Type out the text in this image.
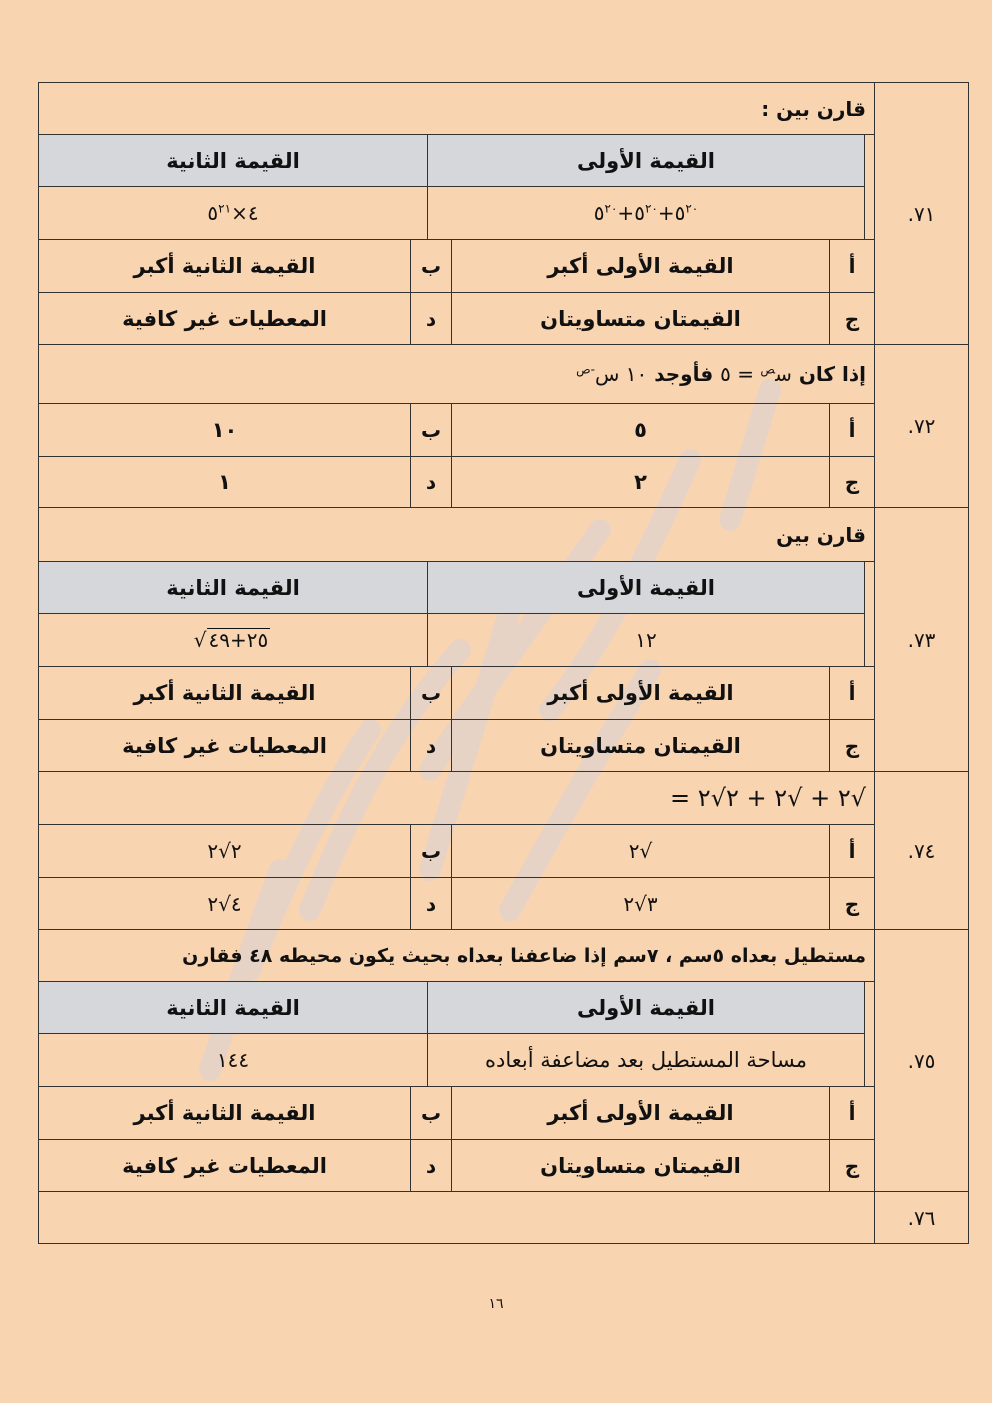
٧١.
قارن بين :
القيمة الأولى
القيمة الثانية
$٥^{٢٠}+٥^{٢٠}+٥^{٢٠}$
$٤\times ٥^{٢١}$
أ
القيمة الأولى أكبر
ب
القيمة الثانية أكبر
ج
القيمتان متساويتان
د
المعطيات غير كافية
٧٢.
إذا كان

س$^ص$ = ٥

فأوجد

١٠ س$^{-ص}$
أ
٥
ب
١٠
ج
٢
د
١
٧٣.
قارن بين
القيمة الأولى
القيمة الثانية
١٢
٢٥+٤٩√
أ
القيمة الأولى أكبر
ب
القيمة الثانية أكبر
ج
القيمتان متساويتان
د
المعطيات غير كافية
٧٤.
√٢ + √٢ + ٢√٢ =
أ
√٢
ب
٢√٢
ج
٣√٢
د
٤√٢
٧٥.
مستطيل بعداه ٥سم ، ٧سم إذا ضاعفنا بعداه بحيث يكون محيطه ٤٨ فقارن
القيمة الأولى
القيمة الثانية
مساحة المستطيل بعد مضاعفة أبعاده
١٤٤
أ
القيمة الأولى أكبر
ب
القيمة الثانية أكبر
ج
القيمتان متساويتان
د
المعطيات غير كافية
٧٦.
١٦
